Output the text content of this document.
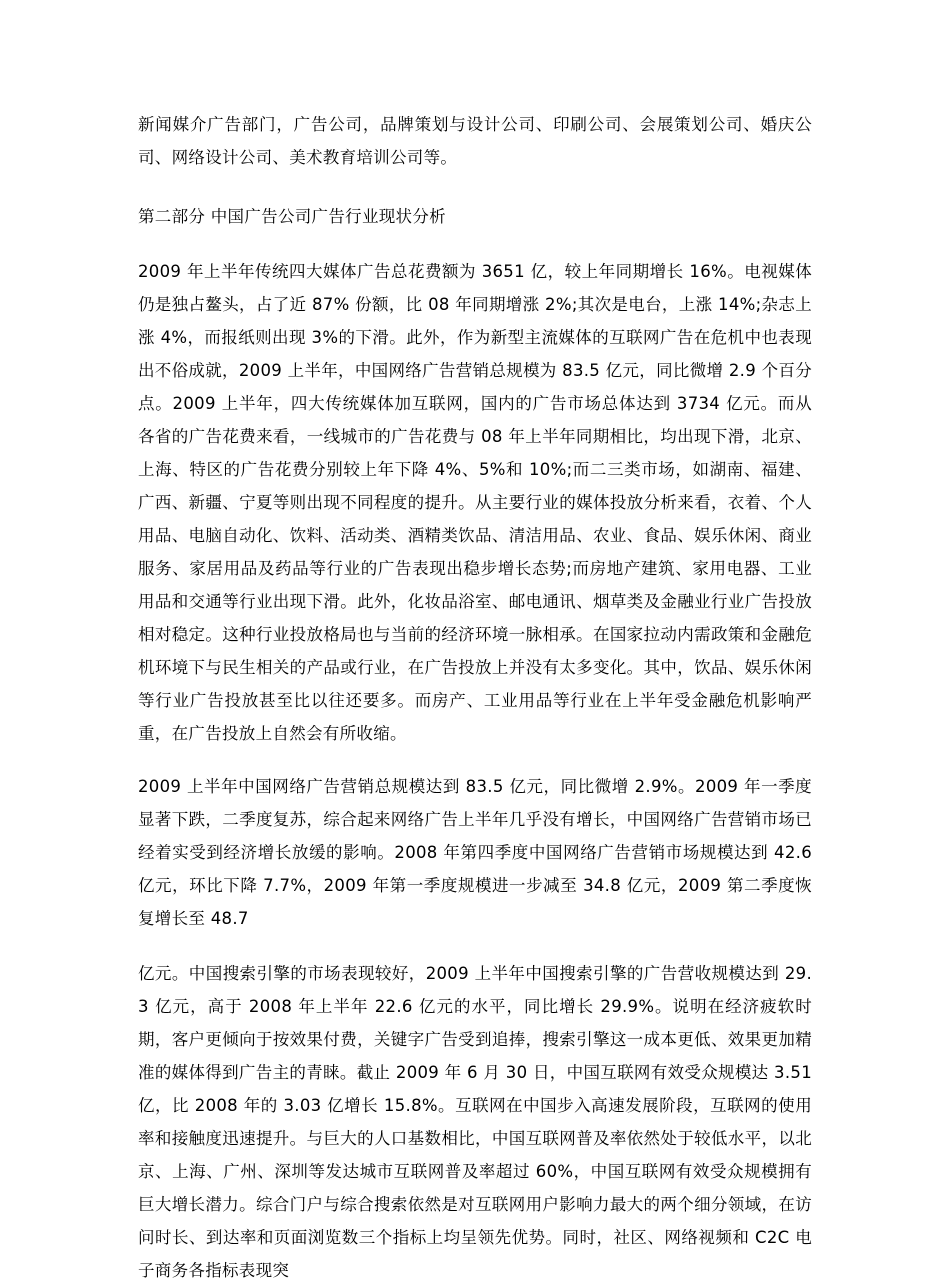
新闻媒介广告部门，广告公司，品牌策划与设计公司、印刷公司、会展策划公司、婚庆公司、网络设计公司、美术教育培训公司等。

第二部分 中国广告公司广告行业现状分析

2009 年上半年传统四大媒体广告总花费额为 3651 亿，较上年同期增长 16%。电视媒体仍是独占鳌头，占了近 87% 份额，比 08 年同期增涨 2%;其次是电台，上涨 14%;杂志上涨 4%，而报纸则出现 3%的下滑。此外，作为新型主流媒体的互联网广告在危机中也表现出不俗成就，2009 上半年，中国网络广告营销总规模为 83.5 亿元，同比微增 2.9 个百分点。2009 上半年，四大传统媒体加互联网，国内的广告市场总体达到 3734 亿元。而从各省的广告花费来看，一线城市的广告花费与 08 年上半年同期相比，均出现下滑，北京、上海、特区的广告花费分别较上年下降 4%、5%和 10%;而二三类市场，如湖南、福建、广西、新疆、宁夏等则出现不同程度的提升。从主要行业的媒体投放分析来看，衣着、个人用品、电脑自动化、饮料、活动类、酒精类饮品、清洁用品、农业、食品、娱乐休闲、商业服务、家居用品及药品等行业的广告表现出稳步增长态势;而房地产建筑、家用电器、工业用品和交通等行业出现下滑。此外，化妆品浴室、邮电通讯、烟草类及金融业行业广告投放相对稳定。这种行业投放格局也与当前的经济环境一脉相承。在国家拉动内需政策和金融危机环境下与民生相关的产品或行业，在广告投放上并没有太多变化。其中，饮品、娱乐休闲等行业广告投放甚至比以往还要多。而房产、工业用品等行业在上半年受金融危机影响严重，在广告投放上自然会有所收缩。

2009 上半年中国网络广告营销总规模达到 83.5 亿元，同比微增 2.9%。2009 年一季度显著下跌，二季度复苏，综合起来网络广告上半年几乎没有增长，中国网络广告营销市场已经着实受到经济增长放缓的影响。2008 年第四季度中国网络广告营销市场规模达到 42.6 亿元，环比下降 7.7%，2009 年第一季度规模进一步减至 34.8 亿元，2009 第二季度恢复增长至 48.7

亿元。中国搜索引擎的市场表现较好，2009 上半年中国搜索引擎的广告营收规模达到 29.3 亿元，高于 2008 年上半年 22.6 亿元的水平，同比增长 29.9%。说明在经济疲软时期，客户更倾向于按效果付费，关键字广告受到追捧，搜索引擎这一成本更低、效果更加精准的媒体得到广告主的青睐。截止 2009 年 6 月 30 日，中国互联网有效受众规模达 3.51 亿，比 2008 年的 3.03 亿增长 15.8%。互联网在中国步入高速发展阶段，互联网的使用率和接触度迅速提升。与巨大的人口基数相比，中国互联网普及率依然处于较低水平，以北京、上海、广州、深圳等发达城市互联网普及率超过 60%，中国互联网有效受众规模拥有巨大增长潜力。综合门户与综合搜索依然是对互联网用户影响力最大的两个细分领域，在访问时长、到达率和页面浏览数三个指标上均呈领先优势。同时，社区、网络视频和 C2C 电子商务各指标表现突
